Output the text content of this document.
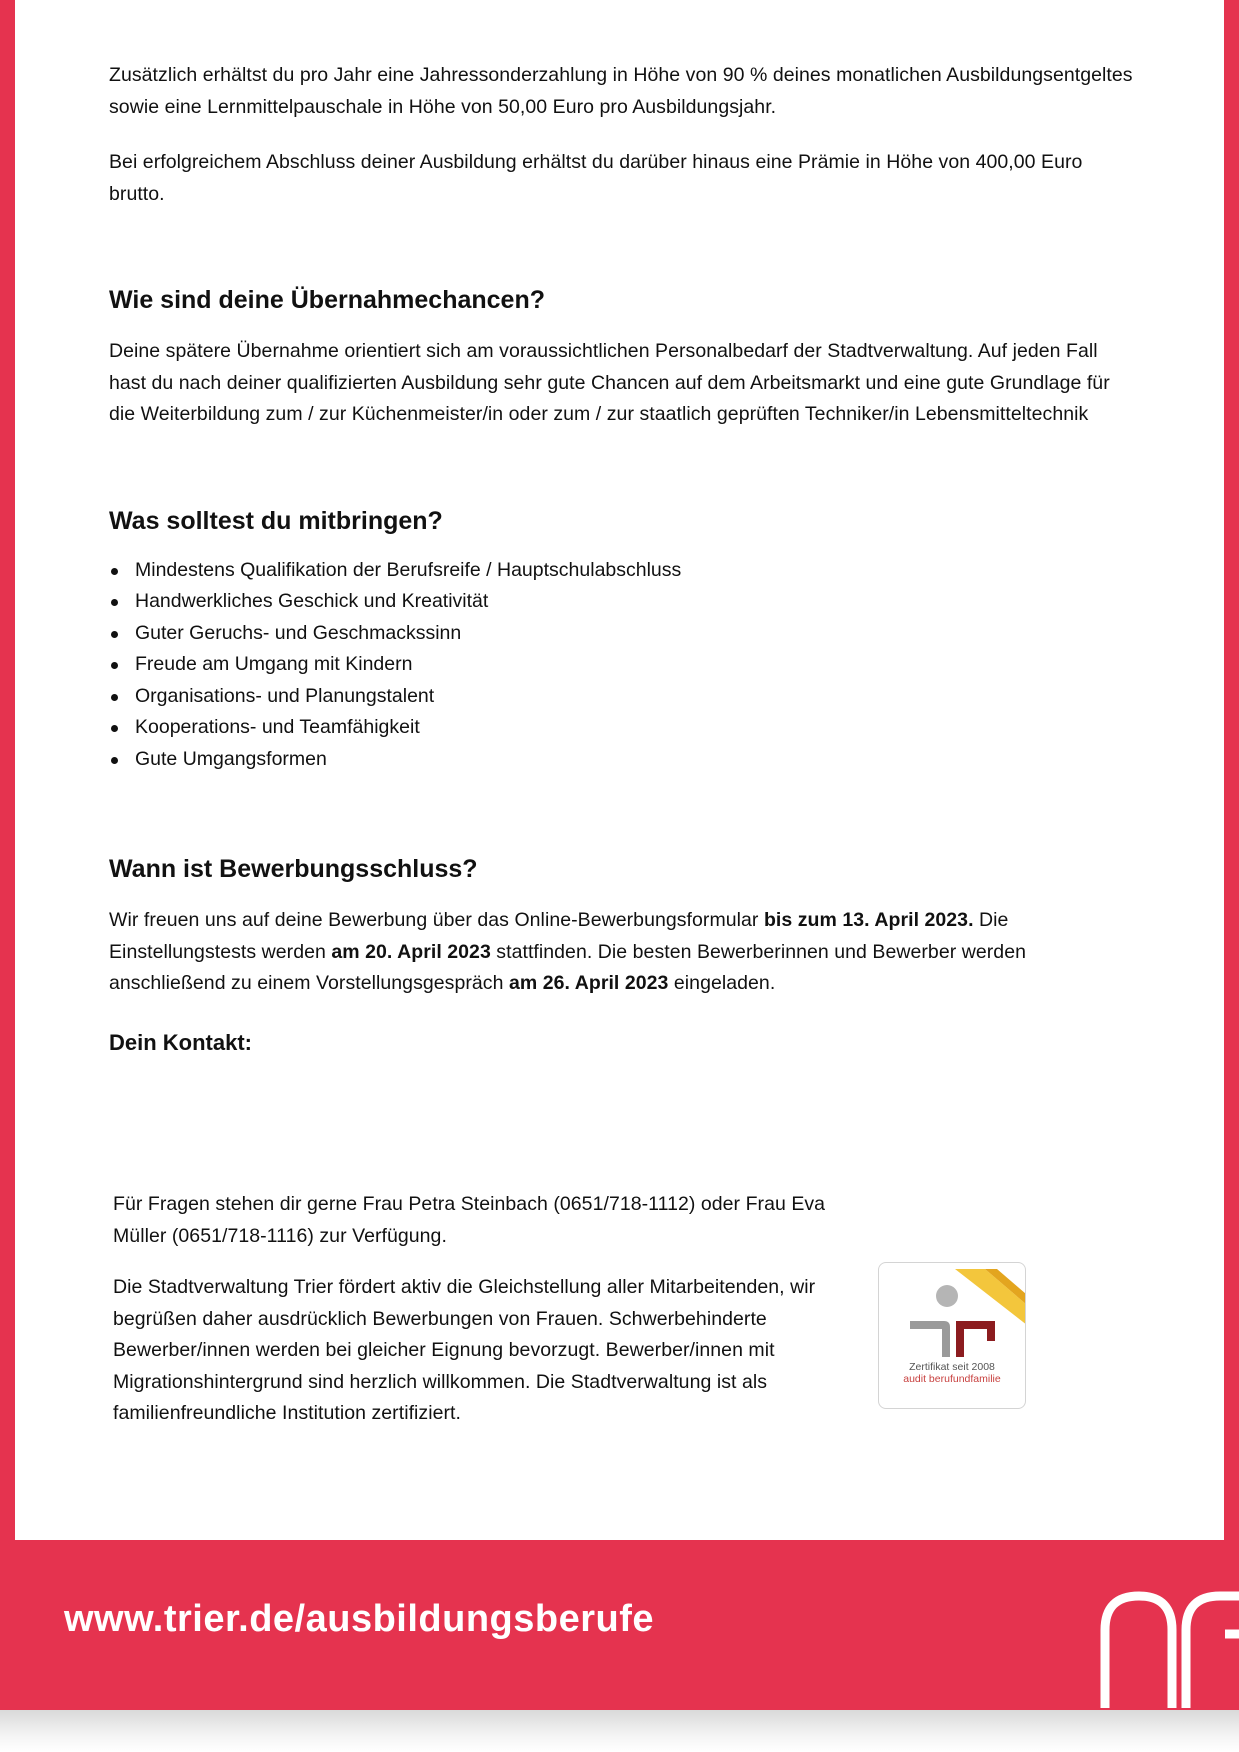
Zusätzlich erhältst du pro Jahr eine Jahressonderzahlung in Höhe von 90 % deines monatlichen Ausbildungsentgeltes sowie eine Lernmittelpauschale in Höhe von 50,00 Euro pro Ausbildungsjahr.

Bei erfolgreichem Abschluss deiner Ausbildung erhältst du darüber hinaus eine Prämie in Höhe von 400,00 Euro brutto.

Wie sind deine Übernahmechancen?

Deine spätere Übernahme orientiert sich am voraussichtlichen Personalbedarf der Stadtverwaltung. Auf jeden Fall hast du nach deiner qualifizierten Ausbildung sehr gute Chancen auf dem Arbeitsmarkt und eine gute Grundlage für die Weiterbildung zum / zur Küchenmeister/in oder zum / zur staatlich geprüften Techniker/in Lebensmitteltechnik

Was solltest du mitbringen?
Mindestens Qualifikation der Berufsreife / Hauptschulabschluss
Handwerkliches Geschick und Kreativität
Guter Geruchs- und Geschmackssinn
Freude am Umgang mit Kindern
Organisations- und Planungstalent
Kooperations- und Teamfähigkeit
Gute Umgangsformen
Wann ist Bewerbungsschluss?

Wir freuen uns auf deine Bewerbung über das Online-Bewerbungsformular bis zum 13. April 2023. Die Einstellungstests werden am 20. April 2023 stattfinden. Die besten Bewerberinnen und Bewerber werden anschließend zu einem Vorstellungsgespräch am 26. April 2023 eingeladen.

Dein Kontakt:

Für Fragen stehen dir gerne Frau Petra Steinbach (0651/718-1112) oder Frau Eva Müller (0651/718-1116) zur Verfügung.

Die Stadtverwaltung Trier fördert aktiv die Gleichstellung aller Mitarbeitenden, wir begrüßen daher ausdrücklich Bewerbungen von Frauen. Schwerbehinderte Bewerber/innen werden bei gleicher Eignung bevorzugt. Bewerber/innen mit Migrationshintergrund sind herzlich willkommen. Die Stadtverwaltung ist als familienfreundliche Institution zertifiziert.

Zertifikat seit 2008
audit berufundfamilie

www.trier.de/ausbildungsberufe
